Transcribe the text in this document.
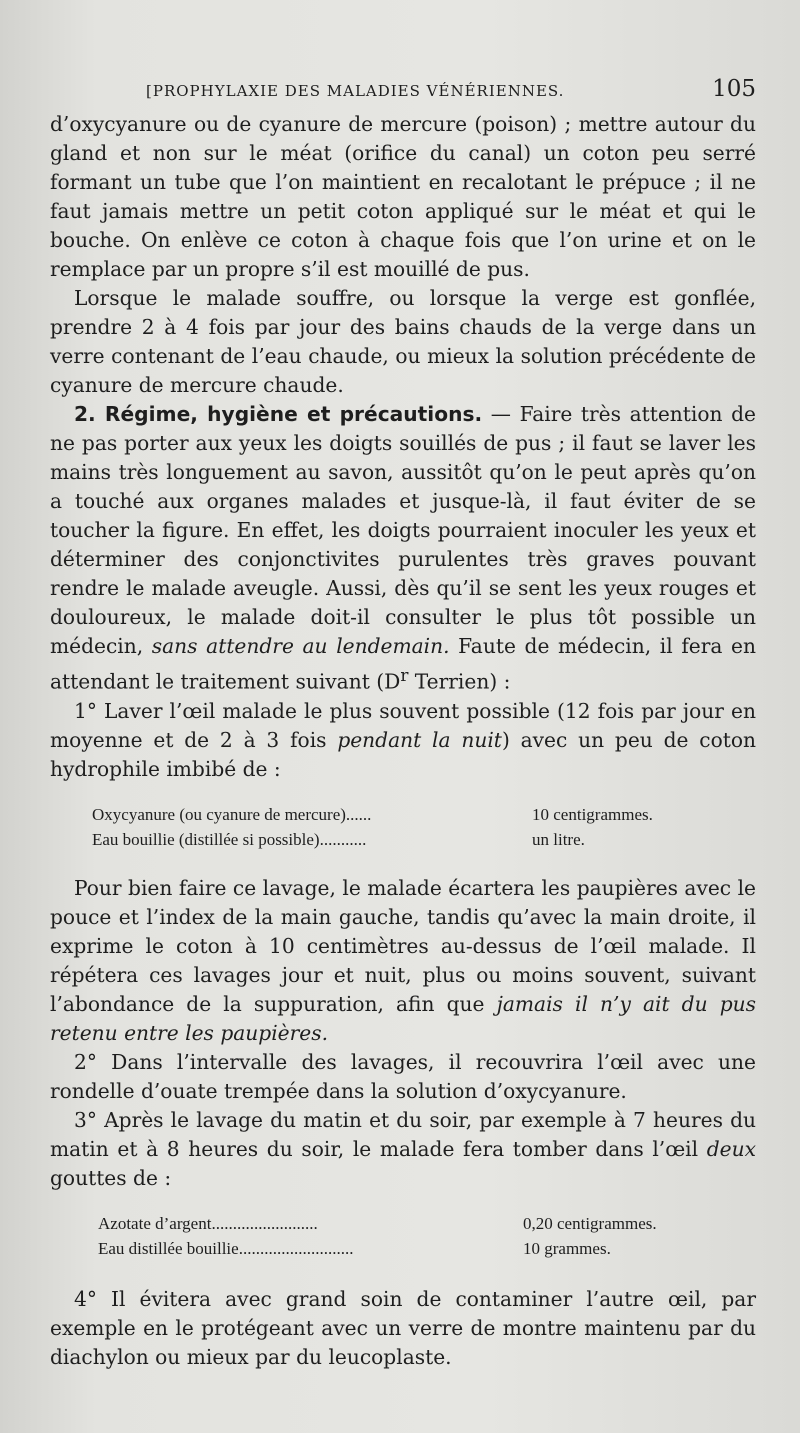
[PROPHYLAXIE DES MALADIES VÉNÉRIENNES.	105

d’oxycyanure ou de cyanure de mercure (poison) ; mettre autour du gland et non sur le méat (orifice du canal) un coton peu serré formant un tube que l’on maintient en recalotant le prépuce ; il ne faut jamais mettre un petit coton appliqué sur le méat et qui le bouche. On enlève ce coton à chaque fois que l’on urine et on le remplace par un propre s’il est mouillé de pus.

Lorsque le malade souffre, ou lorsque la verge est gonflée, prendre 2 à 4 fois par jour des bains chauds de la verge dans un verre contenant de l’eau chaude, ou mieux la solution précédente de cyanure de mercure chaude.

2. Régime, hygiène et précautions. — Faire très attention de ne pas porter aux yeux les doigts souillés de pus ; il faut se laver les mains très longuement au savon, aussitôt qu’on le peut après qu’on a touché aux organes malades et jusque-là, il faut éviter de se toucher la figure. En effet, les doigts pourraient inoculer les yeux et déterminer des conjonctivites purulentes très graves pouvant rendre le malade aveugle. Aussi, dès qu’il se sent les yeux rouges et douloureux, le malade doit-il consulter le plus tôt possible un médecin, sans attendre au lendemain. Faute de médecin, il fera en attendant le traitement suivant ($D^r$ Terrien) :

1° Laver l’œil malade le plus souvent possible (12 fois par jour en moyenne et de 2 à 3 fois pendant la nuit) avec un peu de coton hydrophile imbibé de :

Oxycyanure (ou cyanure de mercure)......	10 centigrammes.
Eau bouillie (distillée si possible)...........	un litre.

Pour bien faire ce lavage, le malade écartera les paupières avec le pouce et l’index de la main gauche, tandis qu’avec la main droite, il exprime le coton à 10 centimètres au-dessus de l’œil malade. Il répétera ces lavages jour et nuit, plus ou moins souvent, suivant l’abondance de la suppuration, afin que jamais il n’y ait du pus retenu entre les paupières.

2° Dans l’intervalle des lavages, il recouvrira l’œil avec une rondelle d’ouate trempée dans la solution d’oxycyanure.

3° Après le lavage du matin et du soir, par exemple à 7 heures du matin et à 8 heures du soir, le malade fera tomber dans l’œil deux gouttes de :

Azotate d’argent.........................	0,20 centigrammes.
Eau distillée bouillie...........................	10 grammes.

4° Il évitera avec grand soin de contaminer l’autre œil, par exemple en le protégeant avec un verre de montre maintenu par du diachylon ou mieux par du leucoplaste.
